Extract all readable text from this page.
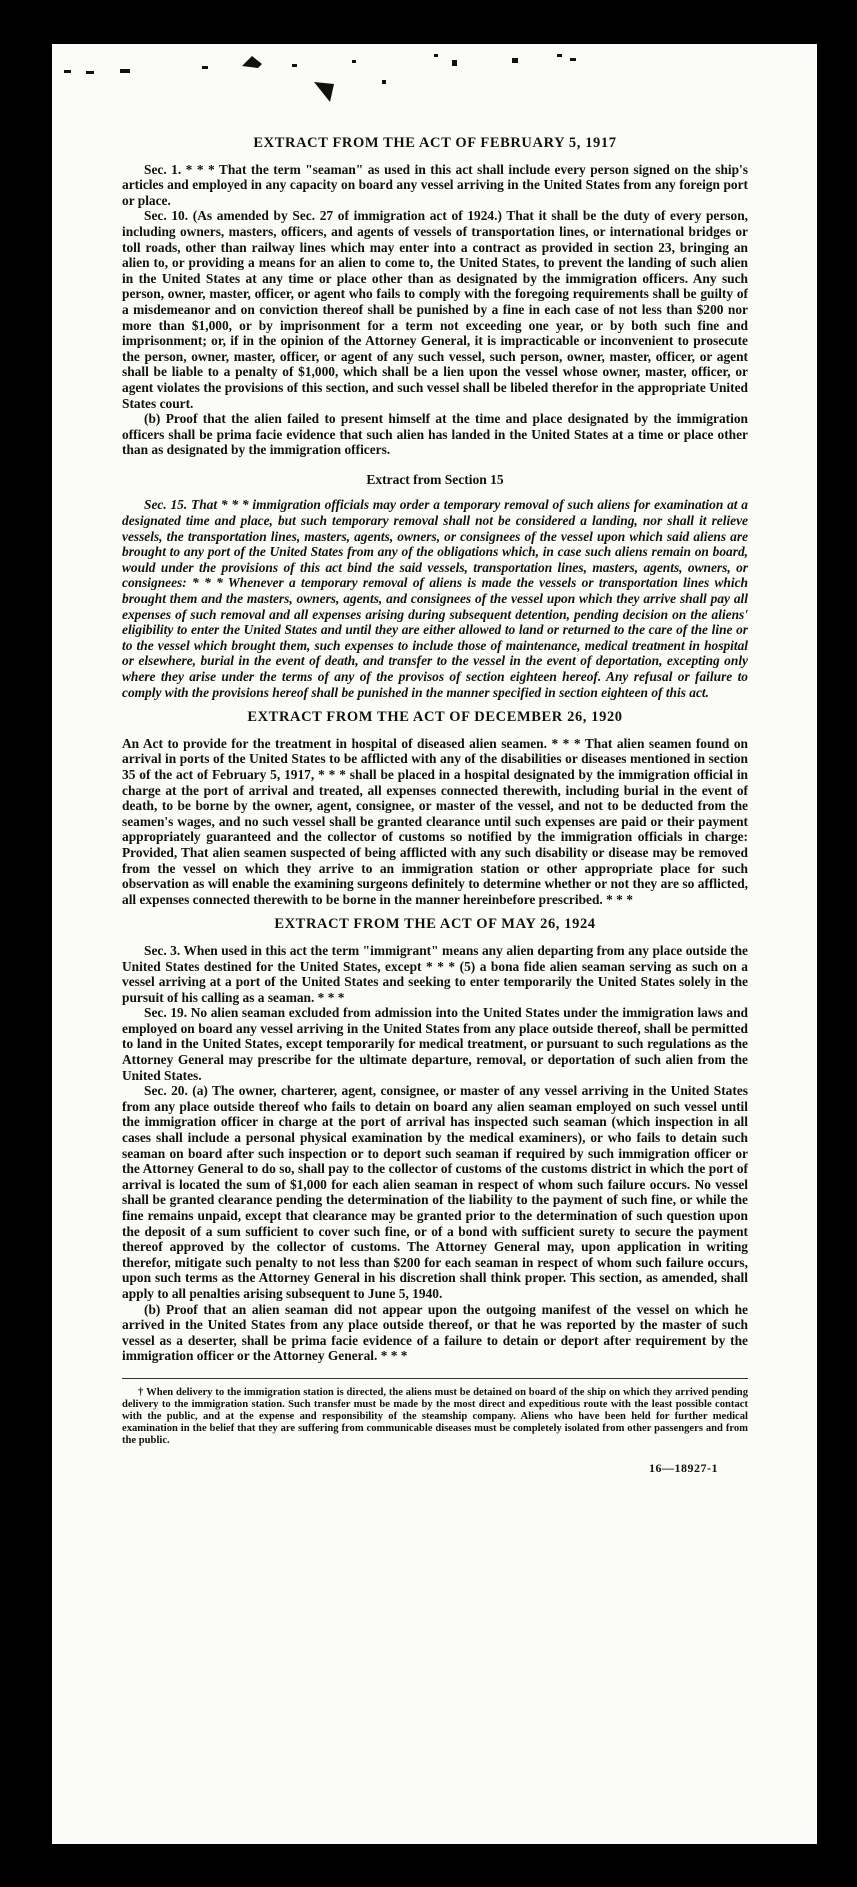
EXTRACT FROM THE ACT OF FEBRUARY 5, 1917

Sec. 1. * * * That the term "seaman" as used in this act shall include every person signed on the ship's articles and employed in any capacity on board any vessel arriving in the United States from any foreign port or place.

Sec. 10. (As amended by Sec. 27 of immigration act of 1924.) That it shall be the duty of every person, including owners, masters, officers, and agents of vessels of transportation lines, or international bridges or toll roads, other than railway lines which may enter into a contract as provided in section 23, bringing an alien to, or providing a means for an alien to come to, the United States, to prevent the landing of such alien in the United States at any time or place other than as designated by the immigration officers. Any such person, owner, master, officer, or agent who fails to comply with the foregoing requirements shall be guilty of a misdemeanor and on conviction thereof shall be punished by a fine in each case of not less than $200 nor more than $1,000, or by imprisonment for a term not exceeding one year, or by both such fine and imprisonment; or, if in the opinion of the Attorney General, it is impracticable or inconvenient to prosecute the person, owner, master, officer, or agent of any such vessel, such person, owner, master, officer, or agent shall be liable to a penalty of $1,000, which shall be a lien upon the vessel whose owner, master, officer, or agent violates the provisions of this section, and such vessel shall be libeled therefor in the appropriate United States court.

(b) Proof that the alien failed to present himself at the time and place designated by the immigration officers shall be prima facie evidence that such alien has landed in the United States at a time or place other than as designated by the immigration officers.

Extract from Section 15

Sec. 15. That * * * immigration officials may order a temporary removal of such aliens for examination at a designated time and place, but such temporary removal shall not be considered a landing, nor shall it relieve vessels, the transportation lines, masters, agents, owners, or consignees of the vessel upon which said aliens are brought to any port of the United States from any of the obligations which, in case such aliens remain on board, would under the provisions of this act bind the said vessels, transportation lines, masters, agents, owners, or consignees: * * * Whenever a temporary removal of aliens is made the vessels or transportation lines which brought them and the masters, owners, agents, and consignees of the vessel upon which they arrive shall pay all expenses of such removal and all expenses arising during subsequent detention, pending decision on the aliens' eligibility to enter the United States and until they are either allowed to land or returned to the care of the line or to the vessel which brought them, such expenses to include those of maintenance, medical treatment in hospital or elsewhere, burial in the event of death, and transfer to the vessel in the event of deportation, excepting only where they arise under the terms of any of the provisos of section eighteen hereof. Any refusal or failure to comply with the provisions hereof shall be punished in the manner specified in section eighteen of this act.

EXTRACT FROM THE ACT OF DECEMBER 26, 1920

An Act to provide for the treatment in hospital of diseased alien seamen. * * * That alien seamen found on arrival in ports of the United States to be afflicted with any of the disabilities or diseases mentioned in section 35 of the act of February 5, 1917, * * * shall be placed in a hospital designated by the immigration official in charge at the port of arrival and treated, all expenses connected therewith, including burial in the event of death, to be borne by the owner, agent, consignee, or master of the vessel, and not to be deducted from the seamen's wages, and no such vessel shall be granted clearance until such expenses are paid or their payment appropriately guaranteed and the collector of customs so notified by the immigration officials in charge: Provided, That alien seamen suspected of being afflicted with any such disability or disease may be removed from the vessel on which they arrive to an immigration station or other appropriate place for such observation as will enable the examining surgeons definitely to determine whether or not they are so afflicted, all expenses connected therewith to be borne in the manner hereinbefore prescribed. * * *

EXTRACT FROM THE ACT OF MAY 26, 1924

Sec. 3. When used in this act the term "immigrant" means any alien departing from any place outside the United States destined for the United States, except * * * (5) a bona fide alien seaman serving as such on a vessel arriving at a port of the United States and seeking to enter temporarily the United States solely in the pursuit of his calling as a seaman. * * *

Sec. 19. No alien seaman excluded from admission into the United States under the immigration laws and employed on board any vessel arriving in the United States from any place outside thereof, shall be permitted to land in the United States, except temporarily for medical treatment, or pursuant to such regulations as the Attorney General may prescribe for the ultimate departure, removal, or deportation of such alien from the United States.

Sec. 20. (a) The owner, charterer, agent, consignee, or master of any vessel arriving in the United States from any place outside thereof who fails to detain on board any alien seaman employed on such vessel until the immigration officer in charge at the port of arrival has inspected such seaman (which inspection in all cases shall include a personal physical examination by the medical examiners), or who fails to detain such seaman on board after such inspection or to deport such seaman if required by such immigration officer or the Attorney General to do so, shall pay to the collector of customs of the customs district in which the port of arrival is located the sum of $1,000 for each alien seaman in respect of whom such failure occurs. No vessel shall be granted clearance pending the determination of the liability to the payment of such fine, or while the fine remains unpaid, except that clearance may be granted prior to the determination of such question upon the deposit of a sum sufficient to cover such fine, or of a bond with sufficient surety to secure the payment thereof approved by the collector of customs. The Attorney General may, upon application in writing therefor, mitigate such penalty to not less than $200 for each seaman in respect of whom such failure occurs, upon such terms as the Attorney General in his discretion shall think proper. This section, as amended, shall apply to all penalties arising subsequent to June 5, 1940.

(b) Proof that an alien seaman did not appear upon the outgoing manifest of the vessel on which he arrived in the United States from any place outside thereof, or that he was reported by the master of such vessel as a deserter, shall be prima facie evidence of a failure to detain or deport after requirement by the immigration officer or the Attorney General. * * *

† When delivery to the immigration station is directed, the aliens must be detained on board of the ship on which they arrived pending delivery to the immigration station. Such transfer must be made by the most direct and expeditious route with the least possible contact with the public, and at the expense and responsibility of the steamship company. Aliens who have been held for further medical examination in the belief that they are suffering from communicable diseases must be completely isolated from other passengers and from the public.

16—18927-1
